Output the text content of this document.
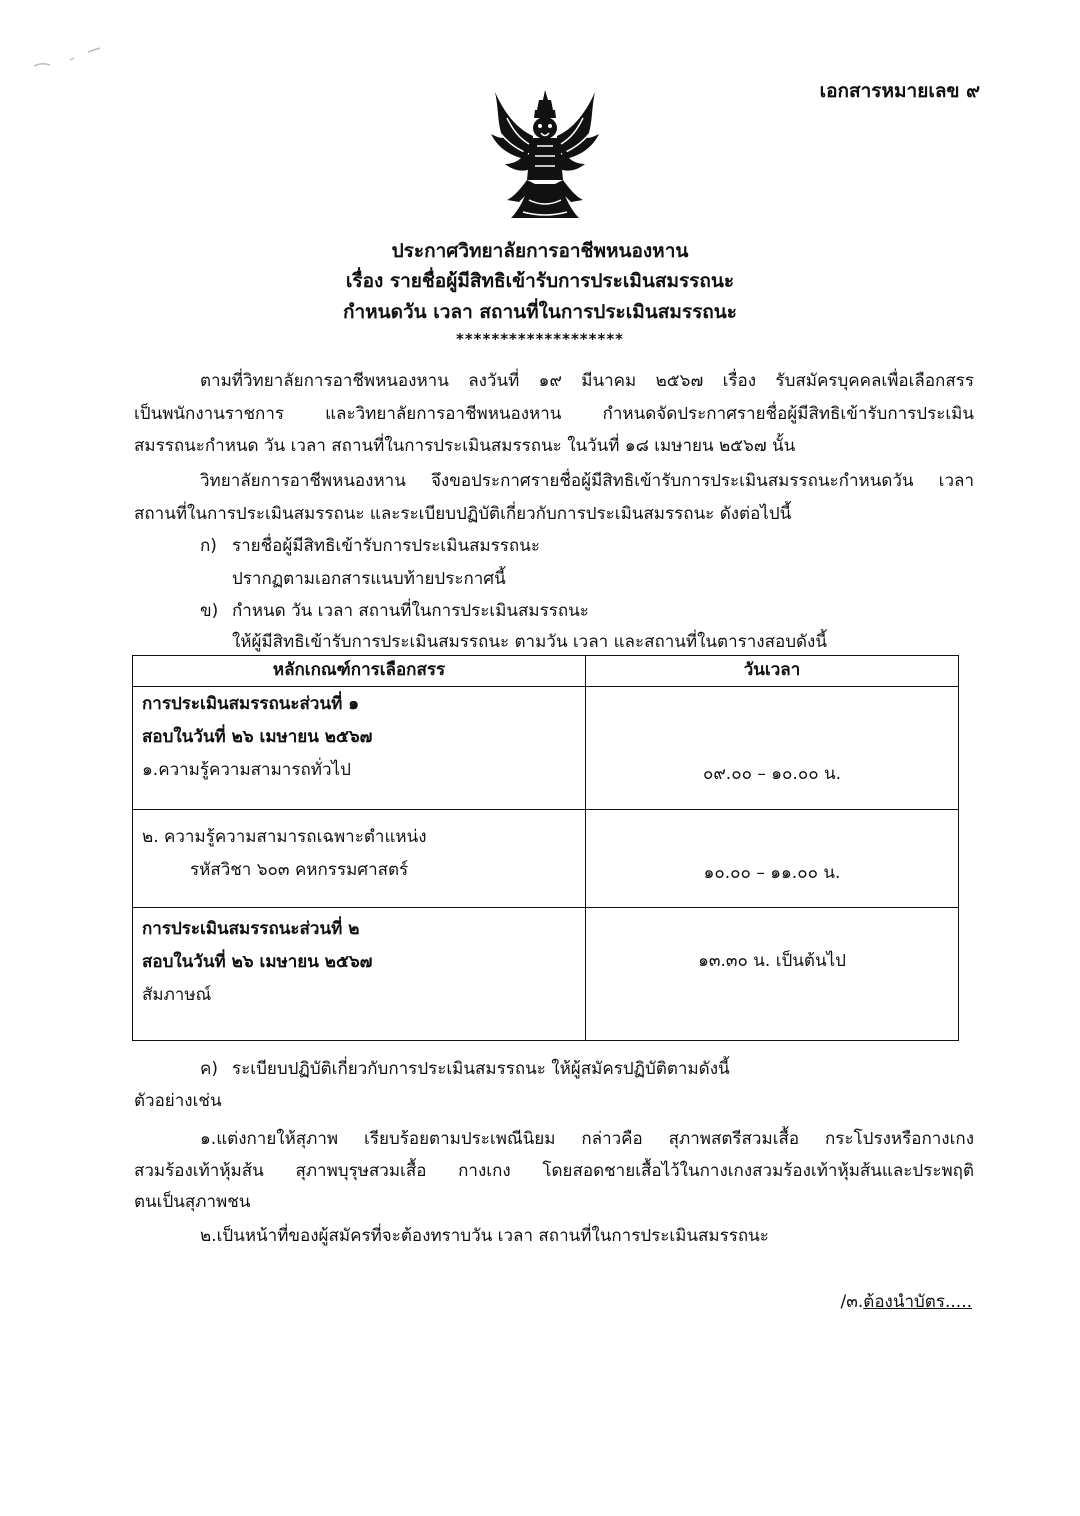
เอกสารหมายเลข ๙
ประกาศวิทยาลัยการอาชีพหนองหาน
เรื่อง รายชื่อผู้มีสิทธิเข้ารับการประเมินสมรรถนะ
กำหนดวัน เวลา สถานที่ในการประเมินสมรรถนะ
*******************
ตามที่วิทยาลัยการอาชีพหนองหาน ลงวันที่ ๑๙ มีนาคม ๒๕๖๗ เรื่อง รับสมัครบุคคลเพื่อเลือกสรร
เป็นพนักงานราชการ และวิทยาลัยการอาชีพหนองหาน กำหนดจัดประกาศรายชื่อผู้มีสิทธิเข้ารับการประเมิน
สมรรถนะกำหนด วัน เวลา สถานที่ในการประเมินสมรรถนะ ในวันที่ ๑๘ เมษายน ๒๕๖๗ นั้น
วิทยาลัยการอาชีพหนองหาน จึงขอประกาศรายชื่อผู้มีสิทธิเข้ารับการประเมินสมรรถนะกำหนดวัน เวลา
สถานที่ในการประเมินสมรรถนะ และระเบียบปฏิบัติเกี่ยวกับการประเมินสมรรถนะ ดังต่อไปนี้
ก) รายชื่อผู้มีสิทธิเข้ารับการประเมินสมรรถนะ
ปรากฏตามเอกสารแนบท้ายประกาศนี้
ข) กำหนด วัน เวลา สถานที่ในการประเมินสมรรถนะ
ให้ผู้มีสิทธิเข้ารับการประเมินสมรรถนะ ตามวัน เวลา และสถานที่ในตารางสอบดังนี้
หลักเกณฑ์การเลือกสรร	วันเวลา

การประเมินสมรรถนะส่วนที่ ๑
สอบในวันที่ ๒๖ เมษายน ๒๕๖๗
๑.ความรู้ความสามารถทั่วไป	๐๙.๐๐ – ๑๐.๐๐ น.

๒. ความรู้ความสามารถเฉพาะตำแหน่ง
รหัสวิชา ๖๐๓ คหกรรมศาสตร์	๑๐.๐๐ – ๑๑.๐๐ น.

การประเมินสมรรถนะส่วนที่ ๒
สอบในวันที่ ๒๖ เมษายน ๒๕๖๗
สัมภาษณ์	๑๓.๓๐ น. เป็นต้นไป
ค) ระเบียบปฏิบัติเกี่ยวกับการประเมินสมรรถนะ ให้ผู้สมัครปฏิบัติตามดังนี้
ตัวอย่างเช่น
๑.แต่งกายให้สุภาพ เรียบร้อยตามประเพณีนิยม กล่าวคือ สุภาพสตรีสวมเสื้อ กระโปรงหรือกางเกง
สวมร้องเท้าหุ้มส้น สุภาพบุรุษสวมเสื้อ กางเกง โดยสอดชายเสื้อไว้ในกางเกงสวมร้องเท้าหุ้มส้นและประพฤติ
ตนเป็นสุภาพชน
๒.เป็นหน้าที่ของผู้สมัครที่จะต้องทราบวัน เวลา สถานที่ในการประเมินสมรรถนะ
/๓.ต้องนำบัตร.....
